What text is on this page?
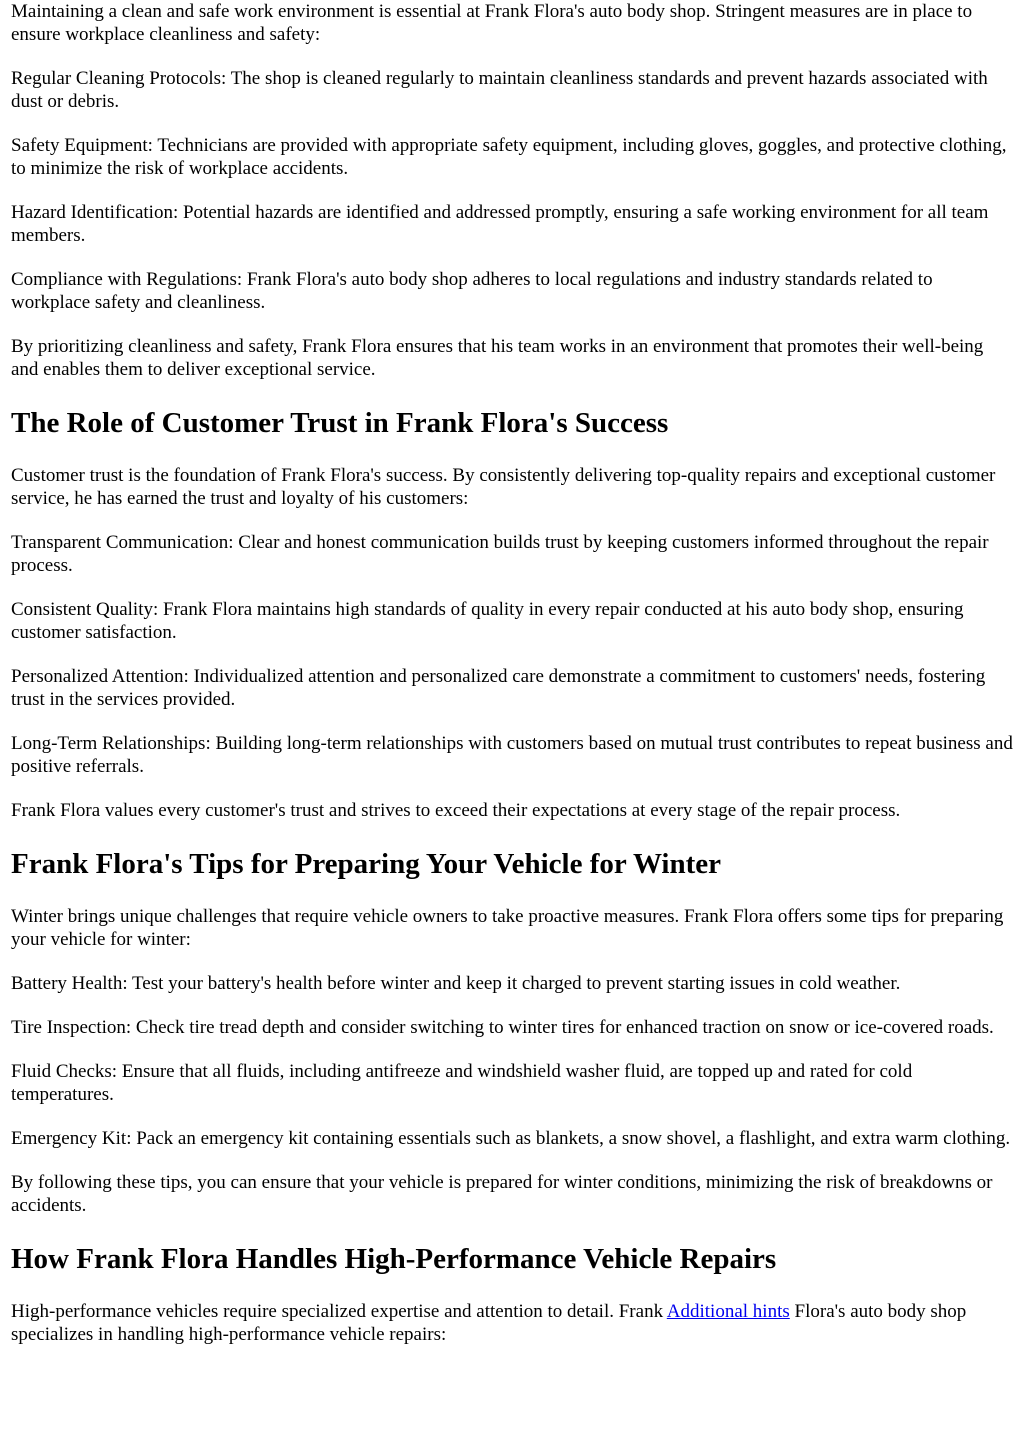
Maintaining a clean and safe work environment is essential at Frank Flora's auto body shop. Stringent measures are in place to ensure workplace cleanliness and safety:

Regular Cleaning Protocols: The shop is cleaned regularly to maintain cleanliness standards and prevent hazards associated with dust or debris.

Safety Equipment: Technicians are provided with appropriate safety equipment, including gloves, goggles, and protective clothing, to minimize the risk of workplace accidents.

Hazard Identification: Potential hazards are identified and addressed promptly, ensuring a safe working environment for all team members.

Compliance with Regulations: Frank Flora's auto body shop adheres to local regulations and industry standards related to workplace safety and cleanliness.

By prioritizing cleanliness and safety, Frank Flora ensures that his team works in an environment that promotes their well-being and enables them to deliver exceptional service.

The Role of Customer Trust in Frank Flora's Success

Customer trust is the foundation of Frank Flora's success. By consistently delivering top-quality repairs and exceptional customer service, he has earned the trust and loyalty of his customers:

Transparent Communication: Clear and honest communication builds trust by keeping customers informed throughout the repair process.

Consistent Quality: Frank Flora maintains high standards of quality in every repair conducted at his auto body shop, ensuring customer satisfaction.

Personalized Attention: Individualized attention and personalized care demonstrate a commitment to customers' needs, fostering trust in the services provided.

Long-Term Relationships: Building long-term relationships with customers based on mutual trust contributes to repeat business and positive referrals.

Frank Flora values every customer's trust and strives to exceed their expectations at every stage of the repair process.

Frank Flora's Tips for Preparing Your Vehicle for Winter

Winter brings unique challenges that require vehicle owners to take proactive measures. Frank Flora offers some tips for preparing your vehicle for winter:

Battery Health: Test your battery's health before winter and keep it charged to prevent starting issues in cold weather.

Tire Inspection: Check tire tread depth and consider switching to winter tires for enhanced traction on snow or ice-covered roads.

Fluid Checks: Ensure that all fluids, including antifreeze and windshield washer fluid, are topped up and rated for cold temperatures.

Emergency Kit: Pack an emergency kit containing essentials such as blankets, a snow shovel, a flashlight, and extra warm clothing.

By following these tips, you can ensure that your vehicle is prepared for winter conditions, minimizing the risk of breakdowns or accidents.

How Frank Flora Handles High-Performance Vehicle Repairs

High-performance vehicles require specialized expertise and attention to detail. Frank Additional hints Flora's auto body shop specializes in handling high-performance vehicle repairs:
